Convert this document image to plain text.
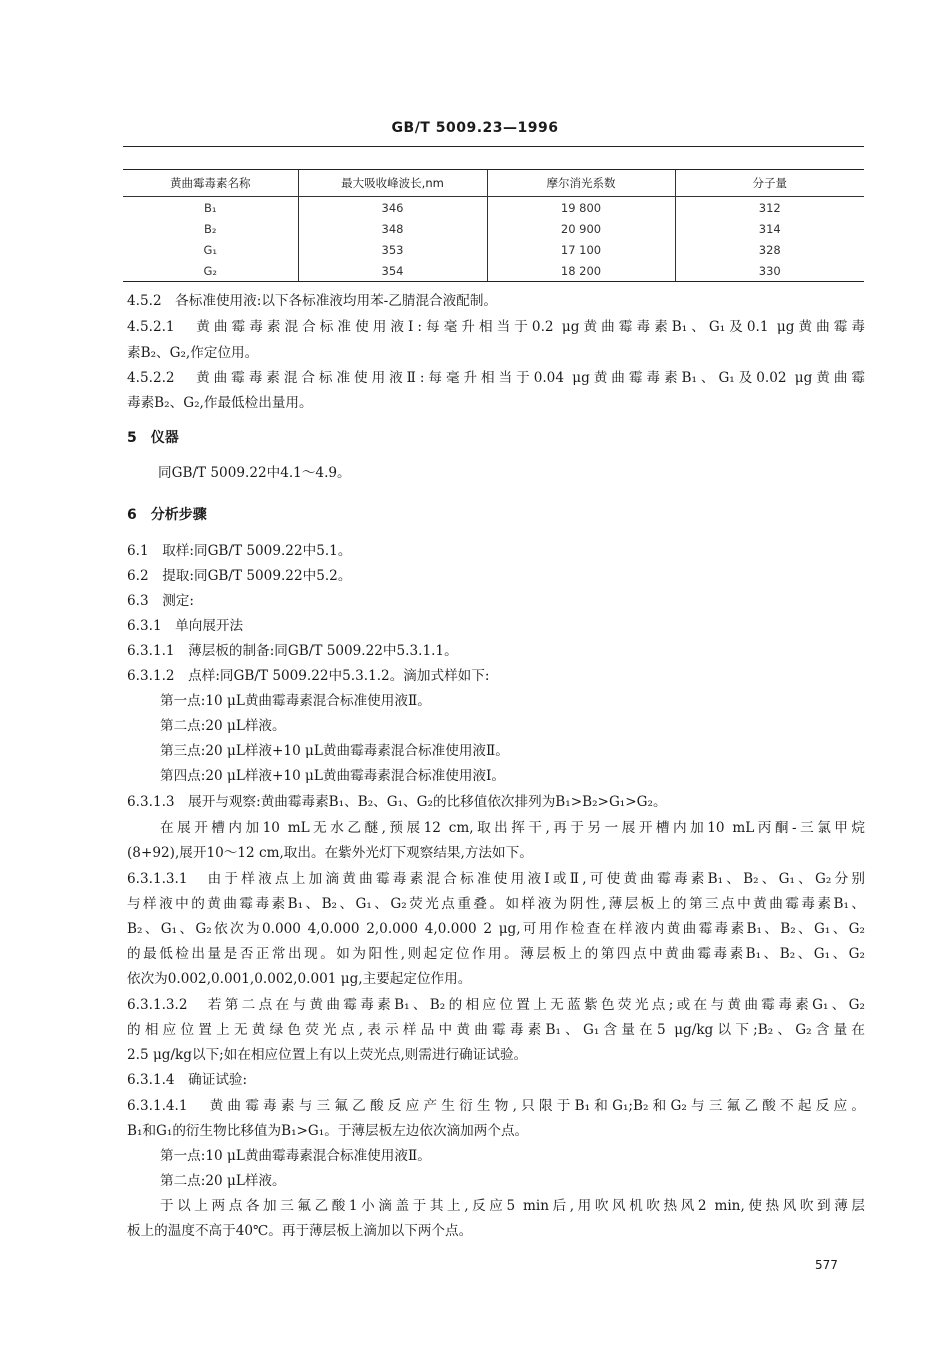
GB/T 5009.23—1996
黄曲霉毒素名称	最大吸收峰波长,nm	摩尔消光系数	分子量
B₁	346	19 800	312
B₂	348	20 900	314
G₁	353	17 100	328
G₂	354	18 200	330
4.5.2　各标准使用液:以下各标准液均用苯-乙腈混合液配制。
4.5.2.1　黄曲霉毒素混合标准使用液Ⅰ:每毫升相当于0.2 μg黄曲霉毒素B₁、G₁及0.1 μg黄曲霉毒
素B₂、G₂,作定位用。
4.5.2.2　黄曲霉毒素混合标准使用液Ⅱ:每毫升相当于0.04 μg黄曲霉毒素B₁、G₁及0.02 μg黄曲霉
毒素B₂、G₂,作最低检出量用。
5　仪器
同GB/T 5009.22中4.1～4.9。
6　分析步骤
6.1　取样:同GB/T 5009.22中5.1。
6.2　提取:同GB/T 5009.22中5.2。
6.3　测定:
6.3.1　单向展开法
6.3.1.1　薄层板的制备:同GB/T 5009.22中5.3.1.1。
6.3.1.2　点样:同GB/T 5009.22中5.3.1.2。滴加式样如下:
第一点:10 μL黄曲霉毒素混合标准使用液Ⅱ。
第二点:20 μL样液。
第三点:20 μL样液+10 μL黄曲霉毒素混合标准使用液Ⅱ。
第四点:20 μL样液+10 μL黄曲霉毒素混合标准使用液Ⅰ。
6.3.1.3　展开与观察:黄曲霉毒素B₁、B₂、G₁、G₂的比移值依次排列为B₁>B₂>G₁>G₂。
在展开槽内加10 mL无水乙醚,预展12 cm,取出挥干,再于另一展开槽内加10 mL丙酮-三氯甲烷
(8+92),展开10～12 cm,取出。在紫外光灯下观察结果,方法如下。
6.3.1.3.1　由于样液点上加滴黄曲霉毒素混合标准使用液Ⅰ或Ⅱ,可使黄曲霉毒素B₁、B₂、G₁、G₂分别
与样液中的黄曲霉毒素B₁、B₂、G₁、G₂荧光点重叠。如样液为阴性,薄层板上的第三点中黄曲霉毒素B₁、
B₂、G₁、G₂依次为0.000 4,0.000 2,0.000 4,0.000 2 μg,可用作检查在样液内黄曲霉毒素B₁、B₂、G₁、G₂
的最低检出量是否正常出现。如为阳性,则起定位作用。薄层板上的第四点中黄曲霉毒素B₁、B₂、G₁、G₂
依次为0.002,0.001,0.002,0.001 μg,主要起定位作用。
6.3.1.3.2　若第二点在与黄曲霉毒素B₁、B₂的相应位置上无蓝紫色荧光点;或在与黄曲霉毒素G₁、G₂
的相应位置上无黄绿色荧光点,表示样品中黄曲霉毒素B₁、G₁含量在5 μg/kg以下;B₂、G₂含量在
2.5 μg/kg以下;如在相应位置上有以上荧光点,则需进行确证试验。
6.3.1.4　确证试验:
6.3.1.4.1　黄曲霉毒素与三氟乙酸反应产生衍生物,只限于B₁和G₁;B₂和G₂与三氟乙酸不起反应。
B₁和G₁的衍生物比移值为B₁>G₁。于薄层板左边依次滴加两个点。
第一点:10 μL黄曲霉毒素混合标准使用液Ⅱ。
第二点:20 μL样液。
于以上两点各加三氟乙酸1小滴盖于其上,反应5 min后,用吹风机吹热风2 min,使热风吹到薄层
板上的温度不高于40℃。再于薄层板上滴加以下两个点。
577
